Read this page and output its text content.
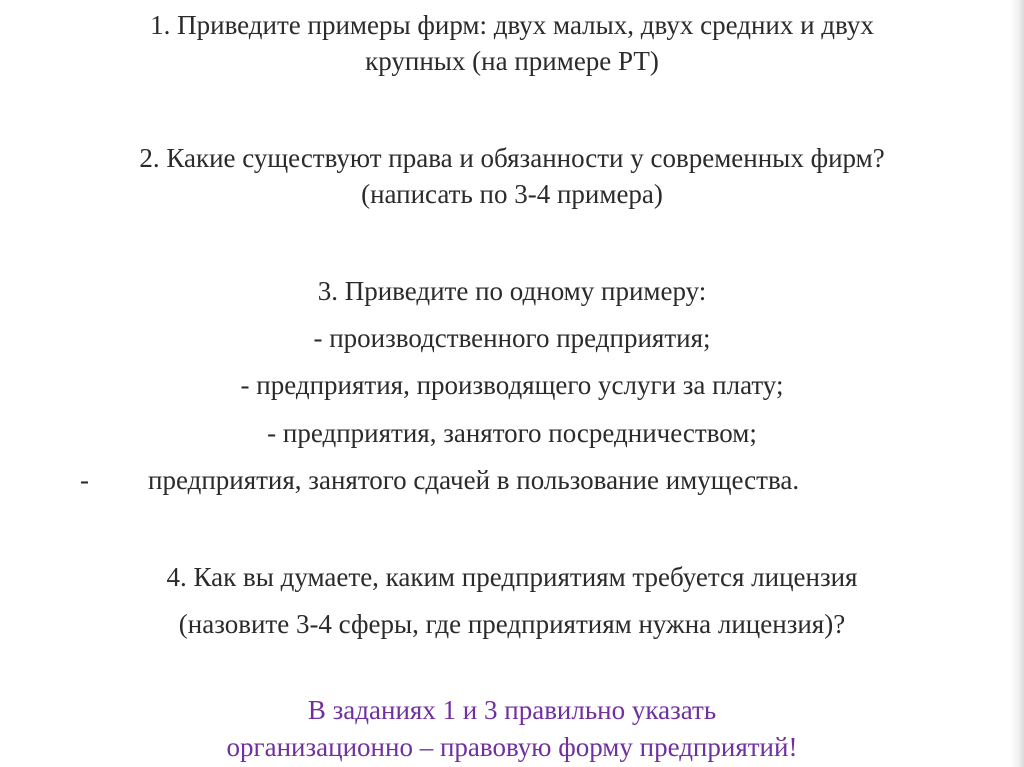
1. Приведите примеры фирм: двух малых, двух средних и двух
крупных (на примере РТ)
2. Какие существуют права и обязанности у современных фирм?
(написать по 3-4 примера)
3. Приведите по одному примеру:
- производственного предприятия;
- предприятия, производящего услуги за плату;
- предприятия, занятого посредничеством;
- предприятия, занятого сдачей в пользование имущества.
4. Как вы думаете, каким предприятиям требуется лицензия
(назовите 3-4 сферы, где предприятиям нужна лицензия)?
В заданиях 1 и 3 правильно указать
организационно – правовую форму предприятий!
